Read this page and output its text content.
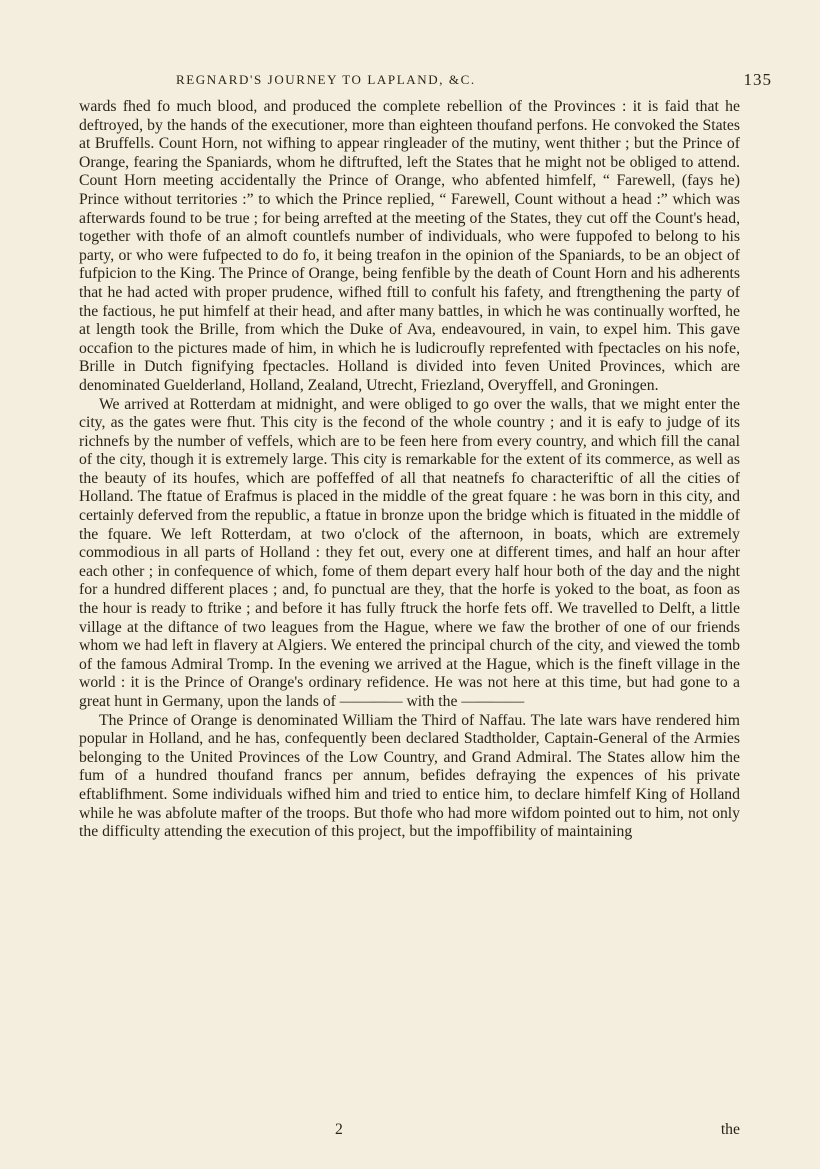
REGNARD'S JOURNEY TO LAPLAND, &C.	135

wards fhed fo much blood, and produced the complete rebellion of the Provinces : it is faid that he deftroyed, by the hands of the executioner, more than eighteen thoufand perfons. He convoked the States at Bruffells. Count Horn, not wifhing to appear ringleader of the mutiny, went thither ; but the Prince of Orange, fearing the Spaniards, whom he diftrufted, left the States that he might not be obliged to attend. Count Horn meeting accidentally the Prince of Orange, who abfented himfelf, “ Farewell, (fays he) Prince without territories :” to which the Prince replied, “ Farewell, Count without a head :” which was afterwards found to be true ; for being arrefted at the meeting of the States, they cut off the Count's head, together with thofe of an almoft countlefs number of individuals, who were fuppofed to belong to his party, or who were fufpected to do fo, it being treafon in the opinion of the Spaniards, to be an object of fufpicion to the King. The Prince of Orange, being fenfible by the death of Count Horn and his adherents that he had acted with proper prudence, wifhed ftill to confult his fafety, and ftrengthening the party of the factious, he put himfelf at their head, and after many battles, in which he was continually worfted, he at length took the Brille, from which the Duke of Ava, endeavoured, in vain, to expel him. This gave occafion to the pictures made of him, in which he is ludicroufly reprefented with fpectacles on his nofe, Brille in Dutch fignifying fpectacles. Holland is divided into feven United Provinces, which are denominated Guelderland, Holland, Zealand, Utrecht, Friezland, Overyffell, and Groningen.

We arrived at Rotterdam at midnight, and were obliged to go over the walls, that we might enter the city, as the gates were fhut. This city is the fecond of the whole country ; and it is eafy to judge of its richnefs by the number of veffels, which are to be feen here from every country, and which fill the canal of the city, though it is extremely large. This city is remarkable for the extent of its commerce, as well as the beauty of its houfes, which are poffeffed of all that neatnefs fo characteriftic of all the cities of Holland. The ftatue of Erafmus is placed in the middle of the great fquare : he was born in this city, and certainly deferved from the republic, a ftatue in bronze upon the bridge which is fituated in the middle of the fquare. We left Rotterdam, at two o'clock of the afternoon, in boats, which are extremely commodious in all parts of Holland : they fet out, every one at different times, and half an hour after each other ; in confequence of which, fome of them depart every half hour both of the day and the night for a hundred different places ; and, fo punctual are they, that the horfe is yoked to the boat, as foon as the hour is ready to ftrike ; and before it has fully ftruck the horfe fets off. We travelled to Delft, a little village at the diftance of two leagues from the Hague, where we faw the brother of one of our friends whom we had left in flavery at Algiers. We entered the principal church of the city, and viewed the tomb of the famous Admiral Tromp. In the evening we arrived at the Hague, which is the fineft village in the world : it is the Prince of Orange's ordinary refidence. He was not here at this time, but had gone to a great hunt in Germany, upon the lands of ———— with the ————

The Prince of Orange is denominated William the Third of Naffau. The late wars have rendered him popular in Holland, and he has, confequently been declared Stadtholder, Captain-General of the Armies belonging to the United Provinces of the Low Country, and Grand Admiral. The States allow him the fum of a hundred thoufand francs per annum, befides defraying the expences of his private eftablifhment. Some individuals wifhed him and tried to entice him, to declare himfelf King of Holland while he was abfolute mafter of the troops. But thofe who had more wifdom pointed out to him, not only the difficulty attending the execution of this project, but the impoffibility of maintaining

2	the
